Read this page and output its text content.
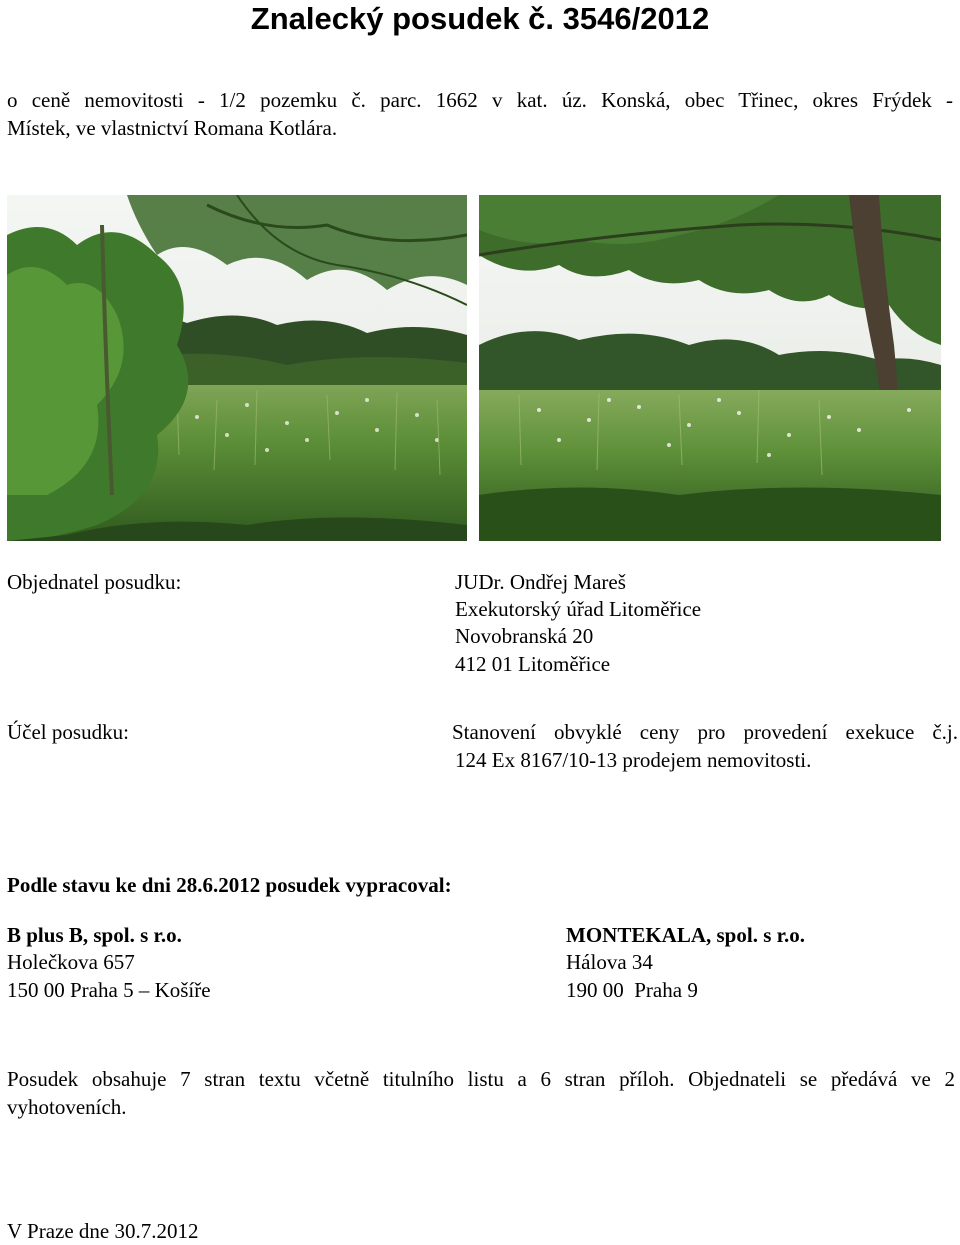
Znalecký posudek č. 3546/2012
o ceně nemovitosti - 1/2 pozemku č. parc. 1662 v kat. úz. Konská, obec Třinec, okres Frýdek -
Místek, ve vlastnictví Romana Kotlára.
Objednatel posudku:	JUDr. Ondřej Mareš
Exekutorský úřad Litoměřice
Novobranská 20
412 01 Litoměřice
Účel posudku:	Stanovení obvyklé ceny pro provedení exekuce č.j.
124 Ex 8167/10-13 prodejem nemovitosti.
Podle stavu ke dni 28.6.2012 posudek vypracoval:
B plus B, spol. s r.o.
Holečkova 657
150 00 Praha 5 – Košíře
MONTEKALA, spol. s r.o.
Hálova 34
190 00  Praha 9
Posudek obsahuje 7 stran textu včetně titulního listu a 6 stran příloh. Objednateli se předává ve 2
vyhotoveních.
V Praze dne 30.7.2012
